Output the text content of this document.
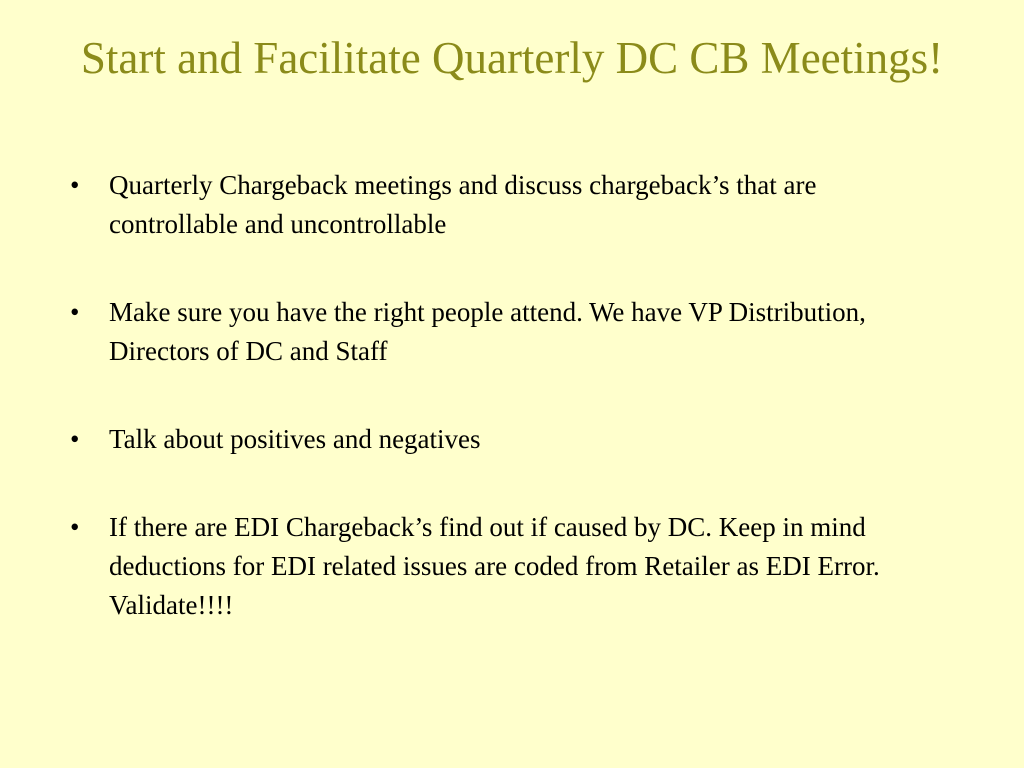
Start and Facilitate Quarterly DC CB Meetings!
• Quarterly Chargeback meetings and discuss chargeback’s that are controllable and uncontrollable
• Make sure you have the right people attend. We have VP Distribution, Directors of DC and Staff
• Talk about positives and negatives
• If there are EDI Chargeback’s find out if caused by DC. Keep in mind deductions for EDI related issues are coded from Retailer as EDI Error. Validate!!!!
